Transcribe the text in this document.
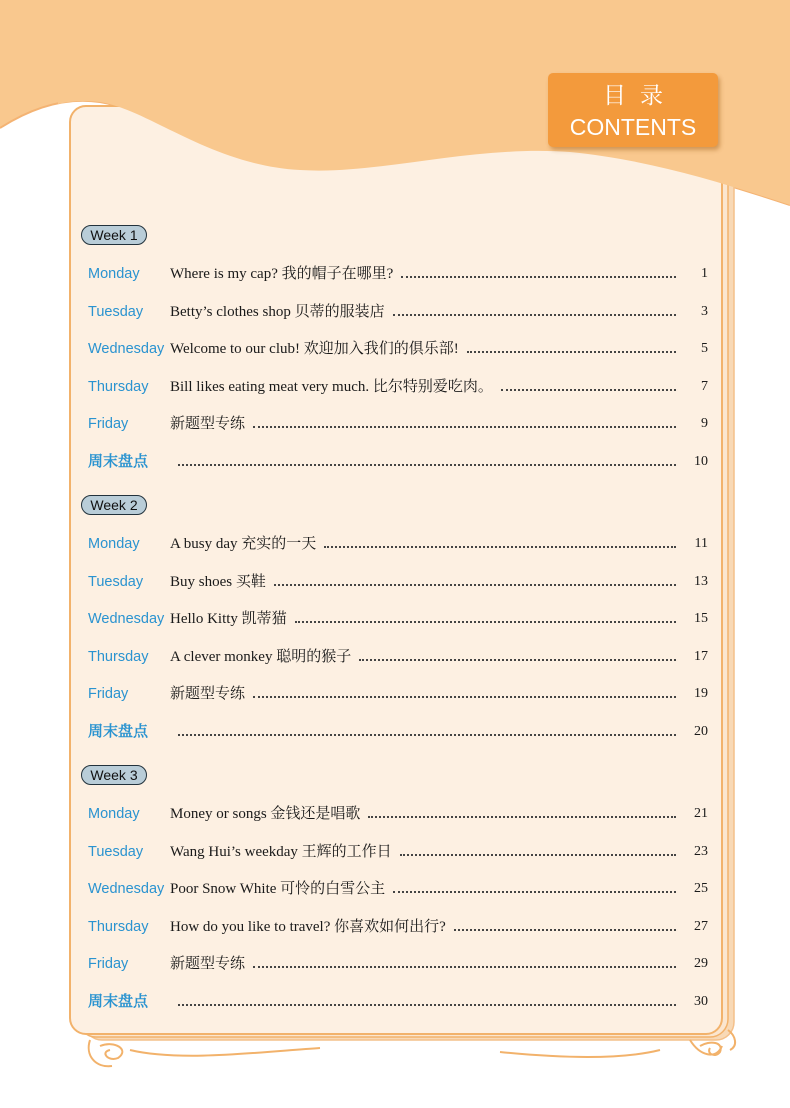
目录
CONTENTS
Week 1
Monday Where is my cap? 我的帽子在哪里?	1
Tuesday Betty’s clothes shop 贝蒂的服装店	3
Wednesday Welcome to our club! 欢迎加入我们的俱乐部!	5
Thursday Bill likes eating meat very much. 比尔特别爱吃肉。	7
Friday	新题型专练	9
周末盘点	10
Week 2
Monday A busy day 充实的一天	11
Tuesday Buy shoes 买鞋	13
Wednesday Hello Kitty 凯蒂猫	15
Thursday A clever monkey 聪明的猴子	17
Friday	新题型专练	19
周末盘点	20
Week 3
Monday Money or songs 金钱还是唱歌	21
Tuesday Wang Hui’s weekday 王辉的工作日	23
Wednesday Poor Snow White 可怜的白雪公主	25
Thursday How do you like to travel? 你喜欢如何出行?	27
Friday	新题型专练	29
周末盘点	30
